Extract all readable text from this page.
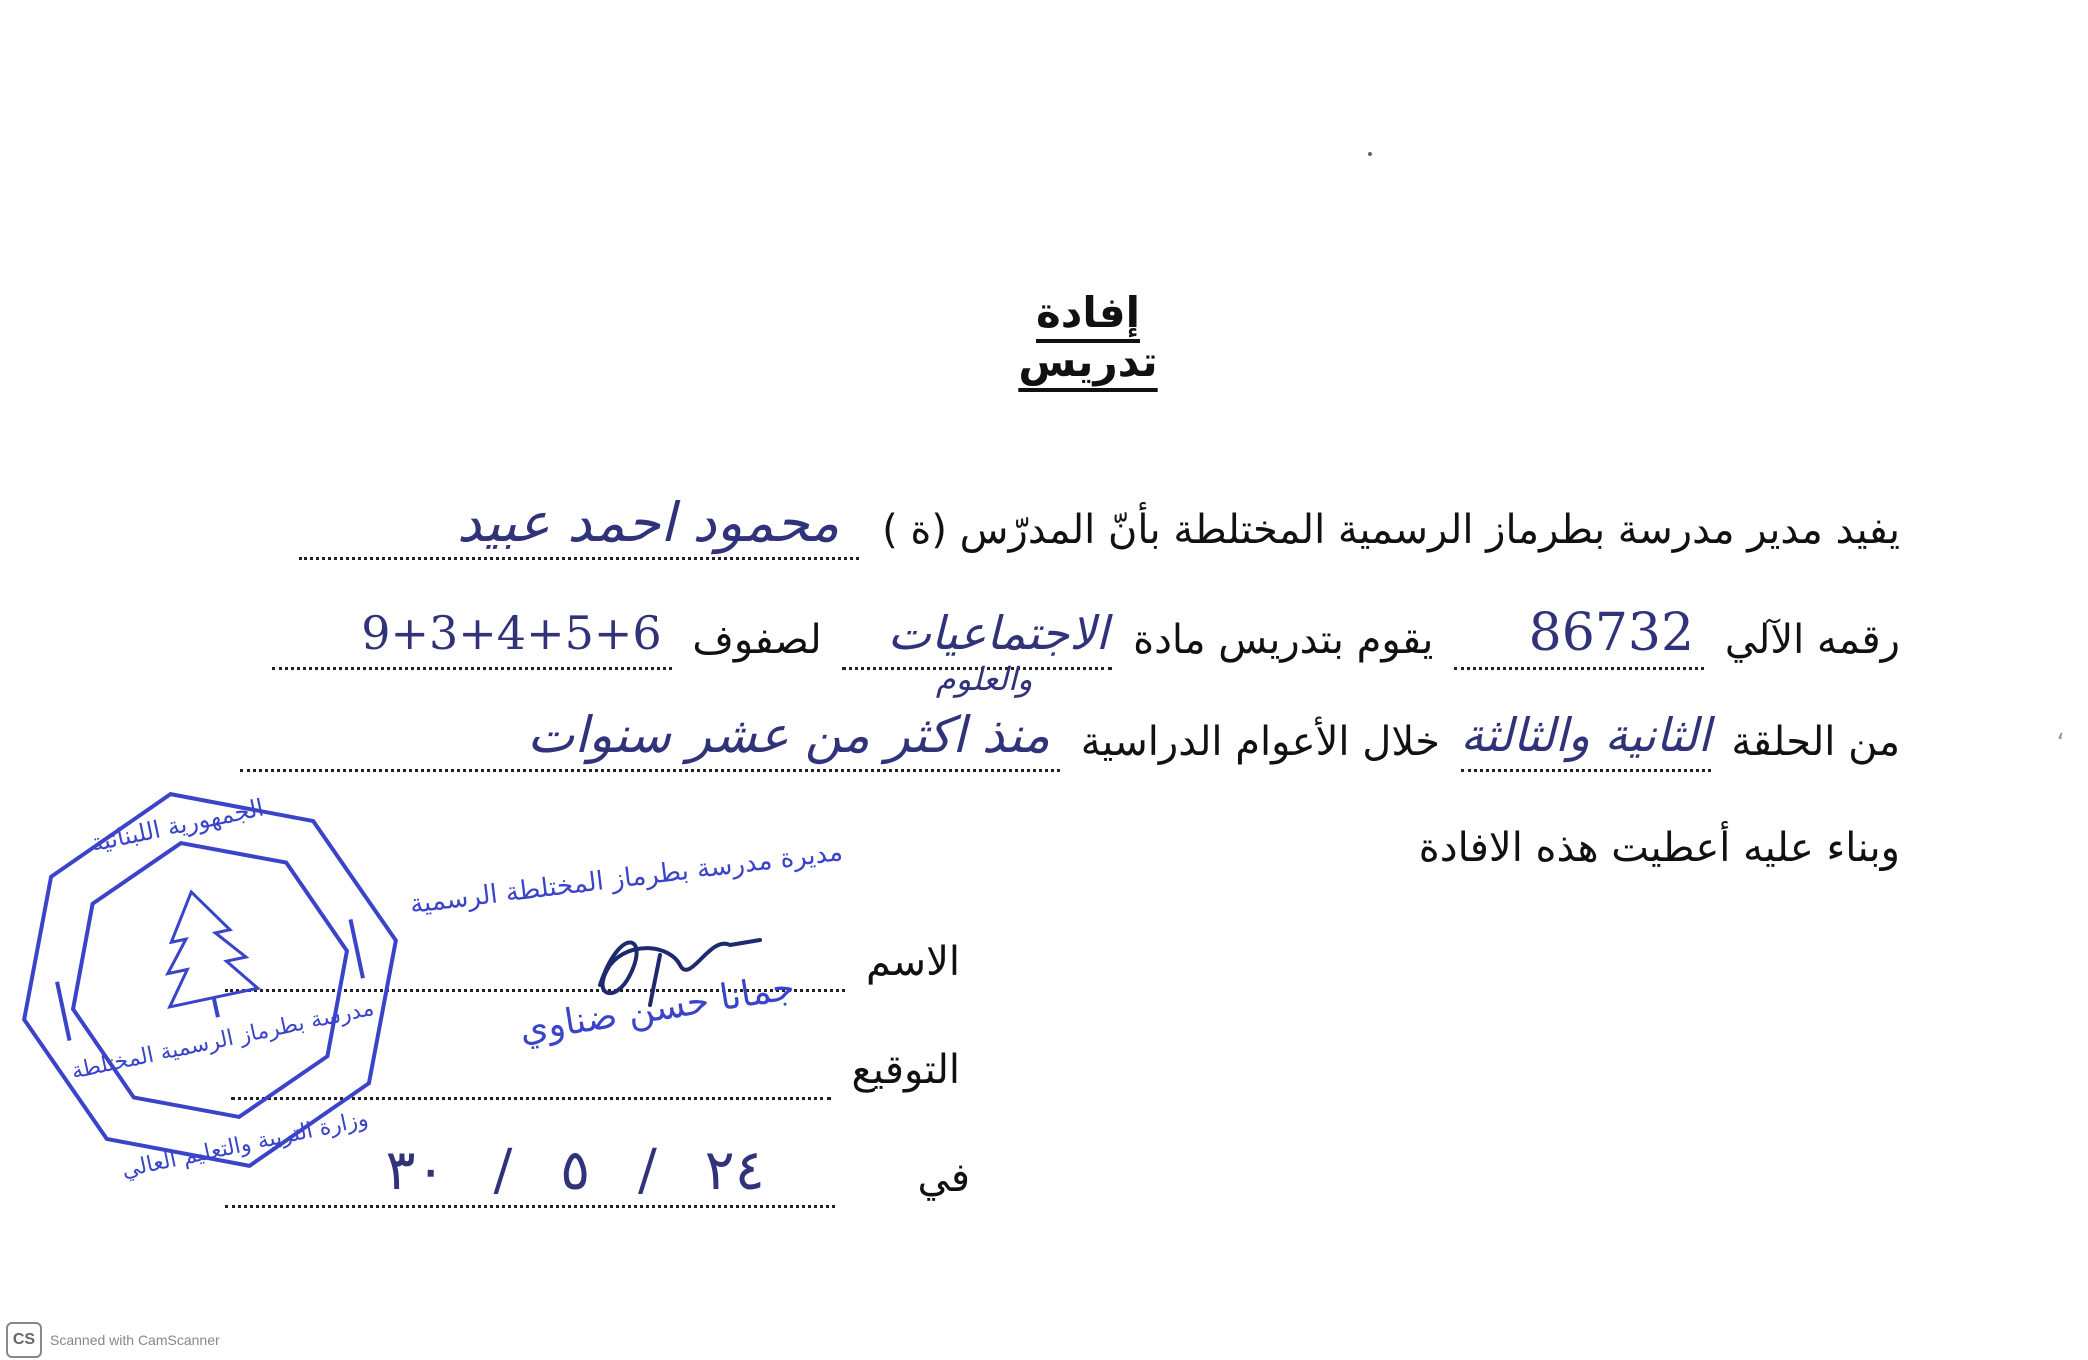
إفادة تدريس
يفيد مدير مدرسة بطرماز الرسمية المختلطة بأنّ المدرّس (ة )
محمود احمد عبيد
رقمه الآلي
86732
يقوم بتدريس مادة
الاجتماعيات
والعلوم
لصفوف
9+3+4+5+6
من الحلقة
الثانية والثالثة
خلال الأعوام الدراسية
منذ اكثر من عشر سنوات
وبناء عليه أعطيت هذه الافادة
،
الاسم
التوقيع
في
٢٤ / ٥ / ٣٠
مديرة مدرسة بطرماز المختلطة الرسمية
جمانا حسن ضناوي
الجمهورية اللبنانية
مدرسة بطرماز الرسمية المختلطة
وزارة التربية والتعليم العالي
CS	Scanned with CamScanner
